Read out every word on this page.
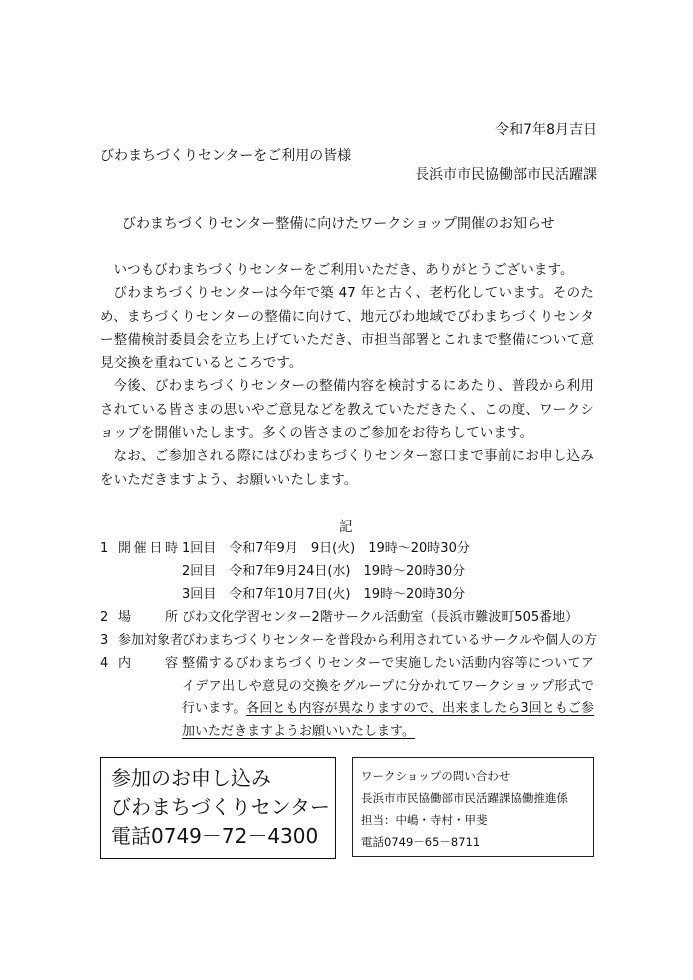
令和7年8月吉日
びわまちづくりセンターをご利用の皆様
長浜市市民協働部市民活躍課
びわまちづくりセンター整備に向けたワークショップ開催のお知らせ

いつもびわまちづくりセンターをご利用いただき、ありがとうございます。

びわまちづくりセンターは今年で築 47 年と古く、老朽化しています。そのため、まちづくりセンターの整備に向けて、地元びわ地域でびわまちづくりセンター整備検討委員会を立ち上げていただき、市担当部署とこれまで整備について意見交換を重ねているところです。

今後、びわまちづくりセンターの整備内容を検討するにあたり、普段から利用されている皆さまの思いやご意見などを教えていただきたく、この度、ワークショップを開催いたします。多くの皆さまのご参加をお待ちしています。

なお、ご参加される際にはびわまちづくりセンター窓口まで事前にお申し込みをいただきますよう、お願いいたします。

記
1 開催日時 1回目　令和7年9月　9日(火)　19時～20時30分
2回目　令和7年9月24日(水)　19時～20時30分
3回目　令和7年10月7日(火)　19時～20時30分
2 場所 びわ文化学習センター2階サークル活動室（長浜市難波町505番地）
3 参加対象者
びわまちづくりセンターを普段から利用されているサークルや個人の方
4 内容 整備するびわまちづくりセンターで実施したい活動内容等についてアイデア出しや意見の交換をグループに分かれてワークショップ形式で行います。各回とも内容が異なりますので、出来ましたら3回ともご参加いただきますようお願いいたします。
参加のお申し込み
びわまちづくりセンター
電話0749－72－4300
ワークショップの問い合わせ
長浜市市民協働部市民活躍課協働推進係
担当：中嶋・寺村・甲斐
電話0749－65－8711
